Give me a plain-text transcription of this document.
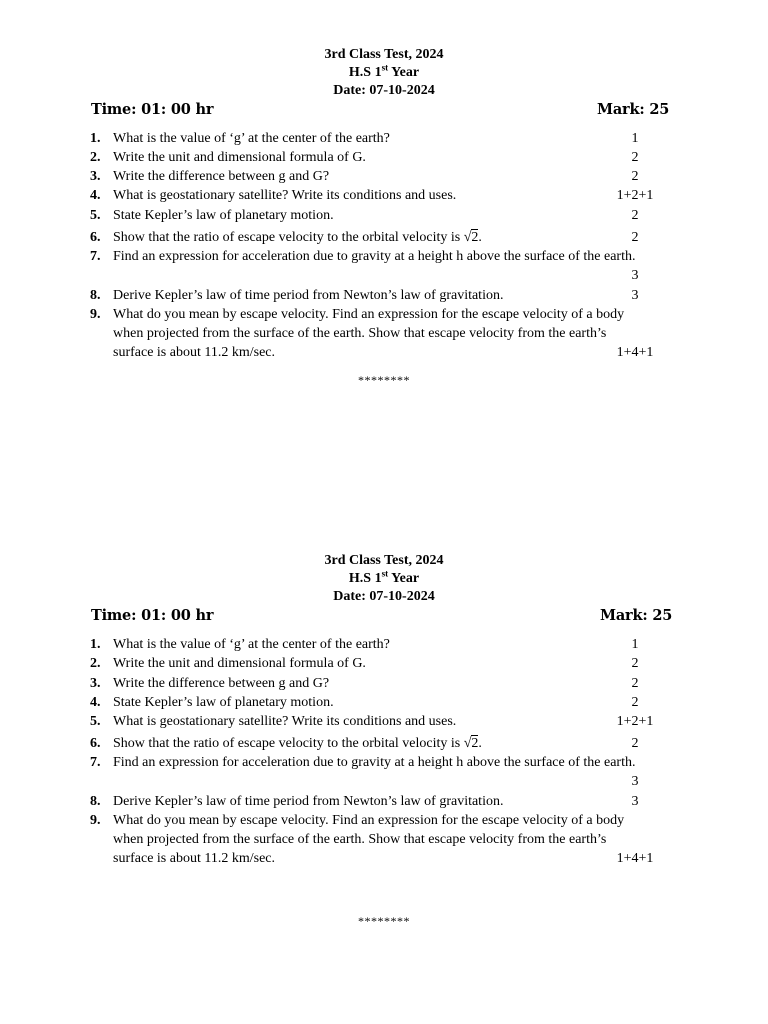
3rd Class Test, 2024
H.S 1st Year
Date: 07-10-2024
Time: 01: 00 hr	Mark: 25
1. What is the value of ‘g’ at the center of the earth?	1
2. Write the unit and dimensional formula of G.	2
3. Write the difference between g and G?	2
4. What is geostationary satellite? Write its conditions and uses.	1+2+1
5. State Kepler’s law of planetary motion.	2
6. Show that the ratio of escape velocity to the orbital velocity is √2.	2
7. Find an expression for acceleration due to gravity at a height h above the surface of the earth.
3
8. Derive Kepler’s law of time period from Newton’s law of gravitation.	3
9. What do you mean by escape velocity. Find an expression for the escape velocity of a body
when projected from the surface of the earth. Show that escape velocity from the earth’s
surface is about 11.2 km/sec.	1+4+1
********
3rd Class Test, 2024
H.S 1st Year
Date: 07-10-2024
Time: 01: 00 hr	Mark: 25
1. What is the value of ‘g’ at the center of the earth?	1
2. Write the unit and dimensional formula of G.	2
3. Write the difference between g and G?	2
4. State Kepler’s law of planetary motion.	2
5. What is geostationary satellite? Write its conditions and uses.	1+2+1
6. Show that the ratio of escape velocity to the orbital velocity is √2.	2
7. Find an expression for acceleration due to gravity at a height h above the surface of the earth.
3
8. Derive Kepler’s law of time period from Newton’s law of gravitation.	3
9. What do you mean by escape velocity. Find an expression for the escape velocity of a body
when projected from the surface of the earth. Show that escape velocity from the earth’s
surface is about 11.2 km/sec.	1+4+1
********
